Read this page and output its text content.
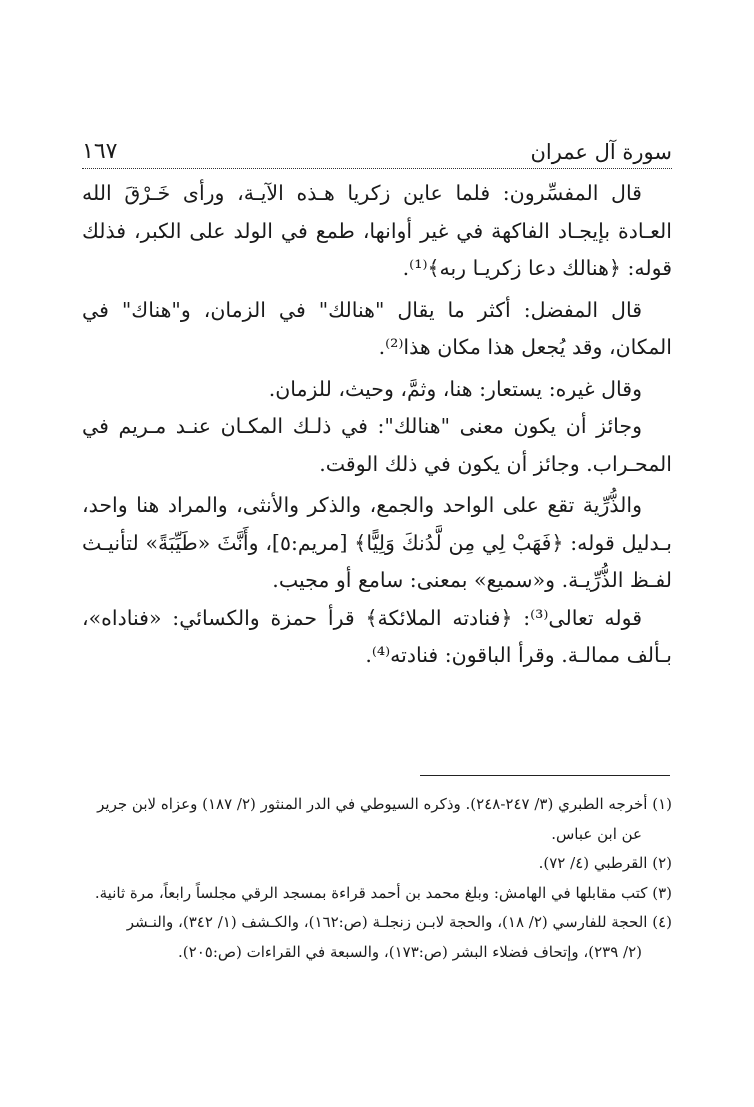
سورة آل عمران
١٦٧

قال المفسِّرون: فلما عاين زكريا هـذه الآيـة، ورأى خَـرْقَ الله العـادة بإيجـاد الفاكهة في غير أوانها، طمع في الولد على الكبر، فذلك قوله: ﴿هنالك دعا زكريـا ربه﴾⁽¹⁾.

قال المفضل: أكثر ما يقال "هنالك" في الزمان، و"هناك" في المكان، وقد يُجعل هذا مكان هذا⁽²⁾.

وقال غيره: يستعار: هنا، وثمَّ، وحيث، للزمان.

وجائز أن يكون معنى "هنالك": في ذلـك المكـان عنـد مـريم في المحـراب. وجائز أن يكون في ذلك الوقت.

والذُّرِّية تقع على الواحد والجمع، والذكر والأنثى، والمراد هنا واحد، بـدليل قوله: ﴿فَهَبْ لِي مِن لَّدُنكَ وَلِيًّا﴾ [مريم:٥]، وأَنَّثَ «طَيِّبَةً» لتأنيـث لفـظ الذُّرِّيـة. و«سميع» بمعنى: سامع أو مجيب.

قوله تعالى⁽³⁾: ﴿فنادته الملائكة﴾ قرأ حمزة والكسائي: «فناداه»، بـألف ممالـة. وقرأ الباقون: فنادته⁽⁴⁾.

(١) أخرجه الطبري (٣/ ٢٤٧-٢٤٨). وذكره السيوطي في الدر المنثور (٢/ ١٨٧) وعزاه لابن جرير

عن ابن عباس.

(٢) القرطبي (٤/ ٧٢).

(٣) كتب مقابلها في الهامش: وبلغ محمد بن أحمد قراءة بمسجد الرقي مجلساً رابعاً، مرة ثانية.

(٤) الحجة للفارسي (٢/ ١٨)، والحجة لابـن زنجلـة (ص:١٦٢)، والكـشف (١/ ٣٤٢)، والنـشر

(٢/ ٢٣٩)، وإتحاف فضلاء البشر (ص:١٧٣)، والسبعة في القراءات (ص:٢٠٥).
